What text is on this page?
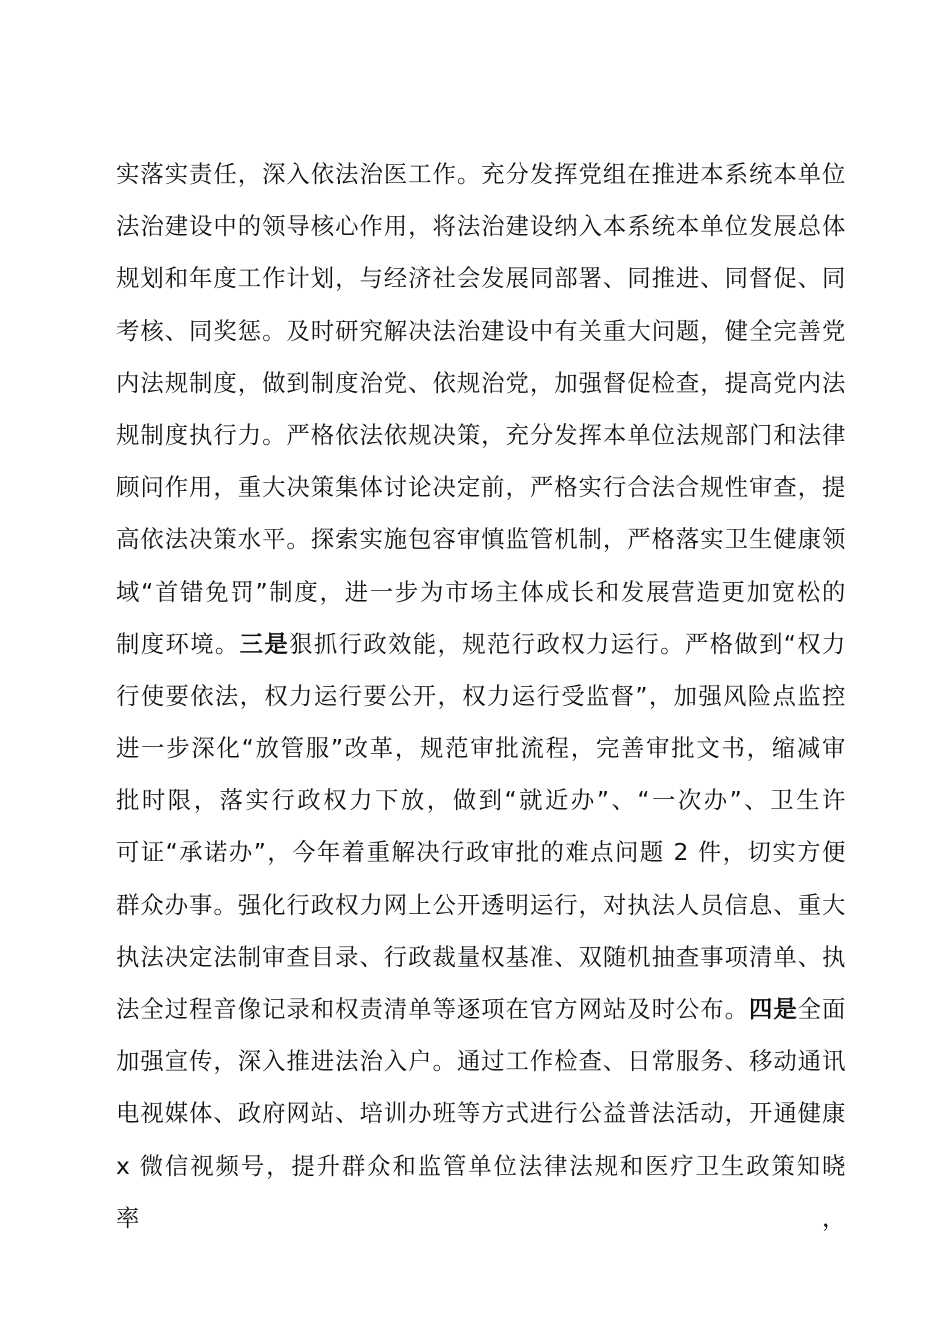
实落实责任，深入依法治医工作。充分发挥党组在推进本系统本单位
法治建设中的领导核心作用，将法治建设纳入本系统本单位发展总体
规划和年度工作计划，与经济社会发展同部署、同推进、同督促、同
考核、同奖惩。及时研究解决法治建设中有关重大问题，健全完善党
内法规制度，做到制度治党、依规治党，加强督促检查，提高党内法
规制度执行力。严格依法依规决策，充分发挥本单位法规部门和法律
顾问作用，重大决策集体讨论决定前，严格实行合法合规性审查，提
高依法决策水平。探索实施包容审慎监管机制，严格落实卫生健康领
域“首错免罚”制度，进一步为市场主体成长和发展营造更加宽松的
制度环境。三是狠抓行政效能，规范行政权力运行。严格做到“权力
行使要依法，权力运行要公开，权力运行受监督”，加强风险点监控
进一步深化“放管服”改革，规范审批流程，完善审批文书，缩减审
批时限，落实行政权力下放，做到“就近办”、“一次办”、卫生许
可证“承诺办”，今年着重解决行政审批的难点问题 2 件，切实方便
群众办事。强化行政权力网上公开透明运行，对执法人员信息、重大
执法决定法制审查目录、行政裁量权基准、双随机抽查事项清单、执
法全过程音像记录和权责清单等逐项在官方网站及时公布。四是全面
加强宣传，深入推进法治入户。通过工作检查、日常服务、移动通讯
电视媒体、政府网站、培训办班等方式进行公益普法活动，开通健康
x 微信视频号，提升群众和监管单位法律法规和医疗卫生政策知晓率，
